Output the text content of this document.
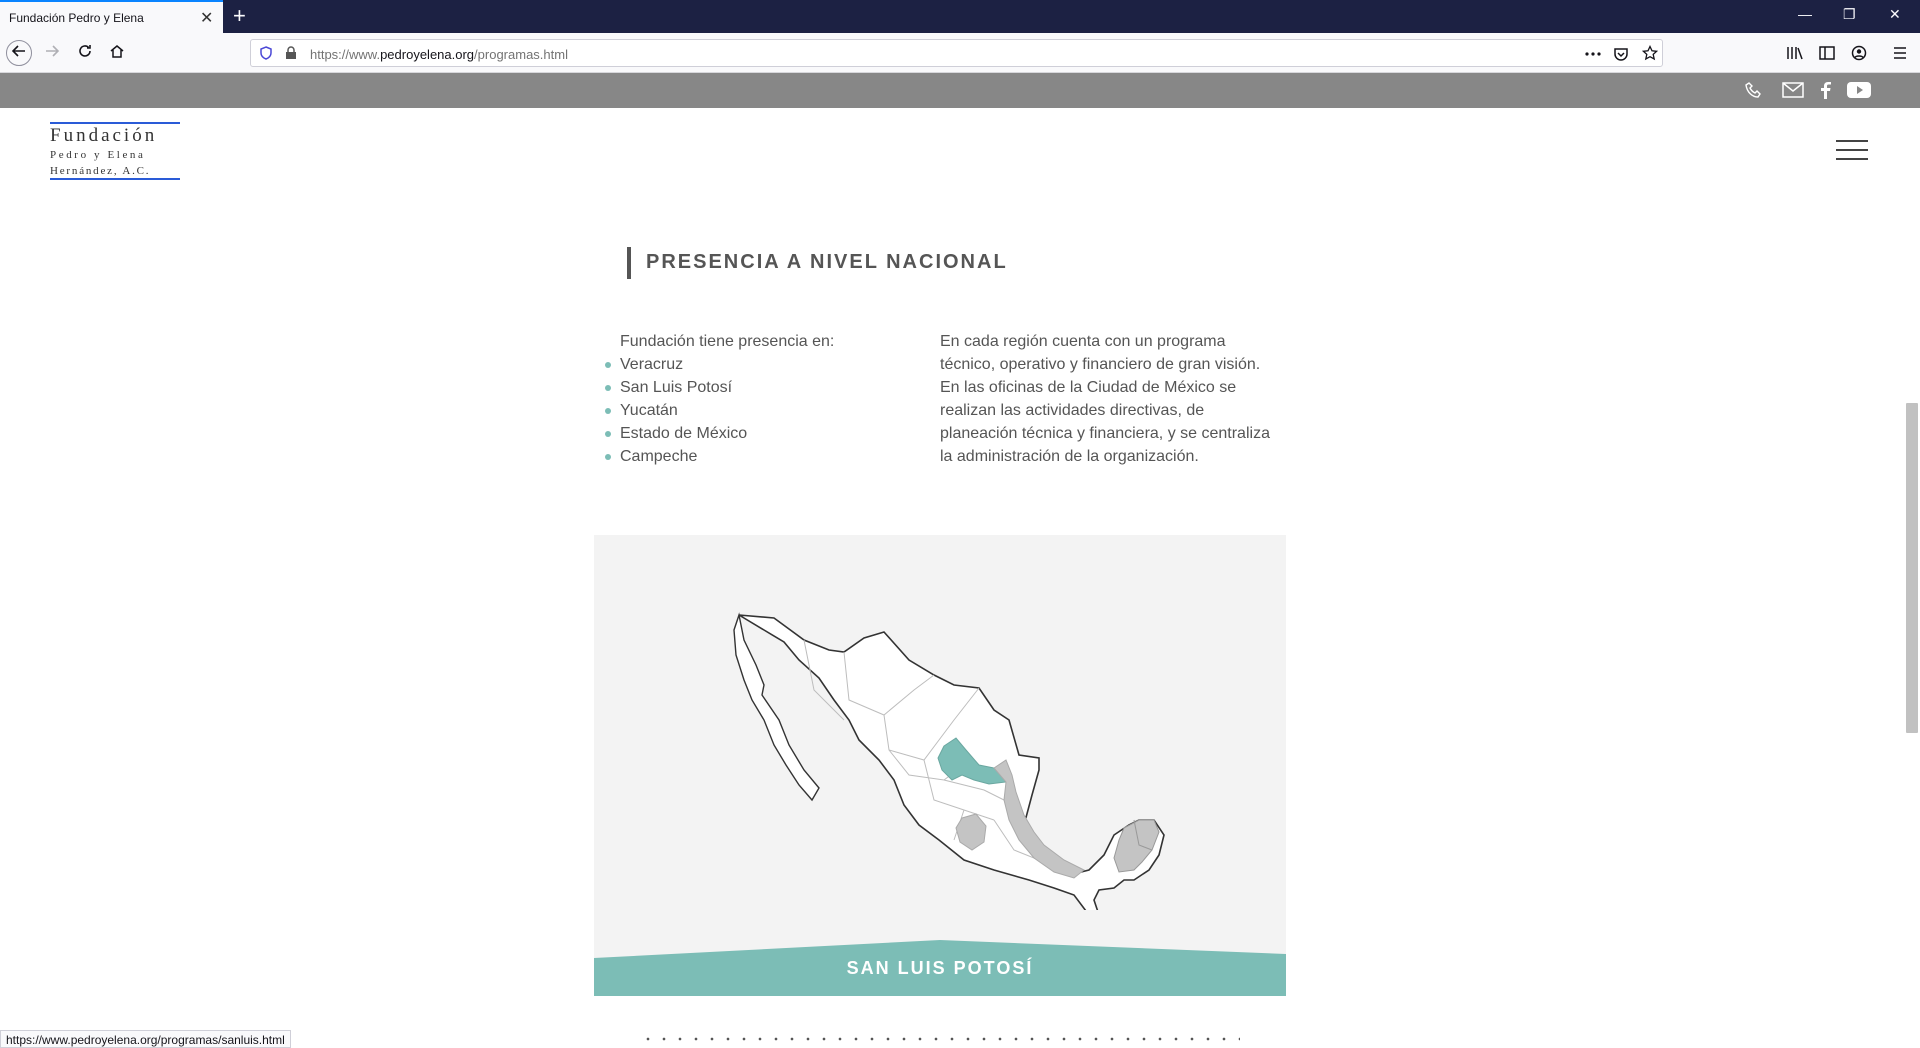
Fundación Pedro y Elena	✕ +	— ❐ ✕
https://www.pedroyelena.org/programas.html
Fundación
Pedro y Elena
Hernández, A.C.
PRESENCIA A NIVEL NACIONAL
Fundación tiene presencia en:
Veracruz
San Luis Potosí
Yucatán
Estado de México
Campeche
En cada región cuenta con un programa técnico, operativo y financiero de gran visión. En las oficinas de la Ciudad de México se realizan las actividades directivas, de planeación técnica y financiera, y se centraliza la administración de la organización.
SAN LUIS POTOSÍ
https://www.pedroyelena.org/programas/sanluis.html
